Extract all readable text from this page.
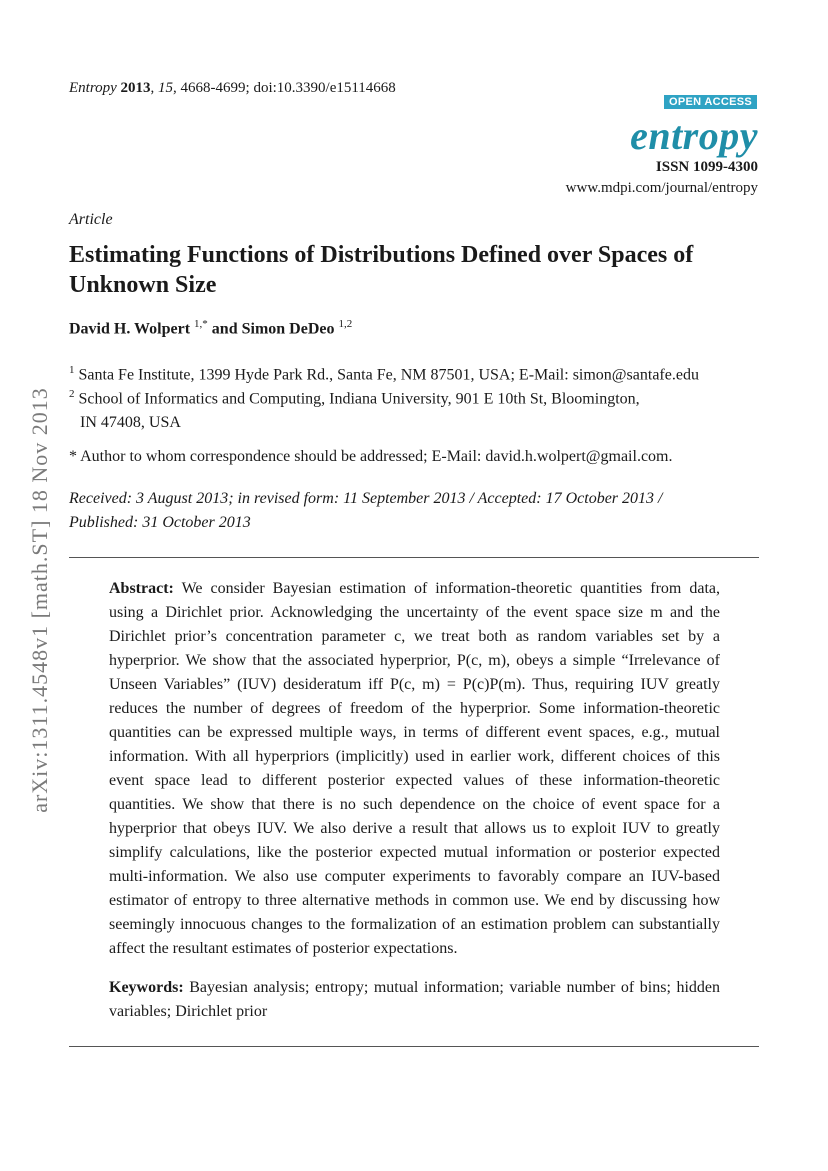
Entropy 2013, 15, 4668-4699; doi:10.3390/e15114668
OPEN ACCESS
entropy
ISSN 1099-4300
www.mdpi.com/journal/entropy
Article
Estimating Functions of Distributions Defined over Spaces of Unknown Size
David H. Wolpert $^{1,*}$ and Simon DeDeo $^{1,2}$
$^1$ Santa Fe Institute, 1399 Hyde Park Rd., Santa Fe, NM 87501, USA; E-Mail: simon@santafe.edu
$^2$ School of Informatics and Computing, Indiana University, 901 E 10th St, Bloomington,
IN 47408, USA
* Author to whom correspondence should be addressed; E-Mail: david.h.wolpert@gmail.com.
Received: 3 August 2013; in revised form: 11 September 2013 / Accepted: 17 October 2013 / Published: 31 October 2013

Abstract: We consider Bayesian estimation of information-theoretic quantities from data, using a Dirichlet prior. Acknowledging the uncertainty of the event space size m and the Dirichlet prior’s concentration parameter c, we treat both as random variables set by a hyperprior. We show that the associated hyperprior, P(c, m), obeys a simple “Irrelevance of Unseen Variables” (IUV) desideratum iff P(c, m) = P(c)P(m). Thus, requiring IUV greatly reduces the number of degrees of freedom of the hyperprior. Some information-theoretic quantities can be expressed multiple ways, in terms of different event spaces, e.g., mutual information. With all hyperpriors (implicitly) used in earlier work, different choices of this event space lead to different posterior expected values of these information-theoretic quantities. We show that there is no such dependence on the choice of event space for a hyperprior that obeys IUV. We also derive a result that allows us to exploit IUV to greatly simplify calculations, like the posterior expected mutual information or posterior expected multi-information. We also use computer experiments to favorably compare an IUV-based estimator of entropy to three alternative methods in common use. We end by discussing how seemingly innocuous changes to the formalization of an estimation problem can substantially affect the resultant estimates of posterior expectations.

Keywords: Bayesian analysis; entropy; mutual information; variable number of bins; hidden variables; Dirichlet prior

arXiv:1311.4548v1 [math.ST] 18 Nov 2013
